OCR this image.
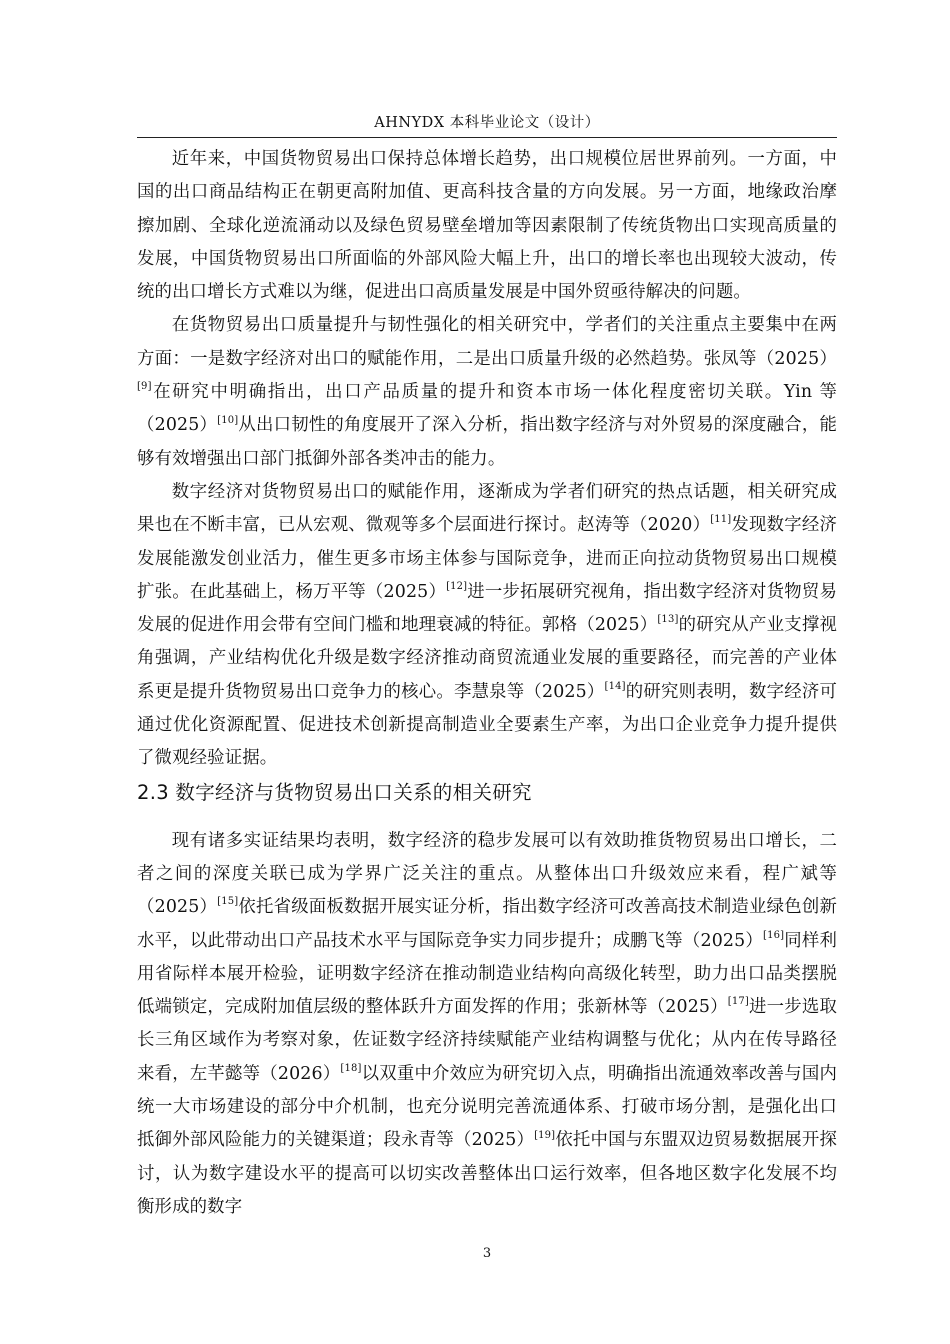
AHNYDX 本科毕业论文（设计）

近年来，中国货物贸易出口保持总体增长趋势，出口规模位居世界前列。一方面，中国的出口商品结构正在朝更高附加值、更高科技含量的方向发展。另一方面，地缘政治摩擦加剧、全球化逆流涌动以及绿色贸易壁垒增加等因素限制了传统货物出口实现高质量的发展，中国货物贸易出口所面临的外部风险大幅上升，出口的增长率也出现较大波动，传统的出口增长方式难以为继，促进出口高质量发展是中国外贸亟待解决的问题。

在货物贸易出口质量提升与韧性强化的相关研究中，学者们的关注重点主要集中在两方面：一是数字经济对出口的赋能作用，二是出口质量升级的必然趋势。张凤等（2025）[9]在研究中明确指出，出口产品质量的提升和资本市场一体化程度密切关联。Yin 等（2025）[10]从出口韧性的角度展开了深入分析，指出数字经济与对外贸易的深度融合，能够有效增强出口部门抵御外部各类冲击的能力。

数字经济对货物贸易出口的赋能作用，逐渐成为学者们研究的热点话题，相关研究成果也在不断丰富，已从宏观、微观等多个层面进行探讨。赵涛等（2020）[11]发现数字经济发展能激发创业活力，催生更多市场主体参与国际竞争，进而正向拉动货物贸易出口规模扩张。在此基础上，杨万平等（2025）[12]进一步拓展研究视角，指出数字经济对货物贸易发展的促进作用会带有空间门槛和地理衰减的特征。郭格（2025）[13]的研究从产业支撑视角强调，产业结构优化升级是数字经济推动商贸流通业发展的重要路径，而完善的产业体系更是提升货物贸易出口竞争力的核心。李慧泉等（2025）[14]的研究则表明，数字经济可通过优化资源配置、促进技术创新提高制造业全要素生产率，为出口企业竞争力提升提供了微观经验证据。

2.3 数字经济与货物贸易出口关系的相关研究

现有诸多实证结果均表明，数字经济的稳步发展可以有效助推货物贸易出口增长，二者之间的深度关联已成为学界广泛关注的重点。从整体出口升级效应来看，程广斌等（2025）[15]依托省级面板数据开展实证分析，指出数字经济可改善高技术制造业绿色创新水平，以此带动出口产品技术水平与国际竞争实力同步提升；成鹏飞等（2025）[16]同样利用省际样本展开检验，证明数字经济在推动制造业结构向高级化转型，助力出口品类摆脱低端锁定，完成附加值层级的整体跃升方面发挥的作用；张新林等（2025）[17]进一步选取长三角区域作为考察对象，佐证数字经济持续赋能产业结构调整与优化；从内在传导路径来看，左芊懿等（2026）[18]以双重中介效应为研究切入点，明确指出流通效率改善与国内统一大市场建设的部分中介机制，也充分说明完善流通体系、打破市场分割，是强化出口抵御外部风险能力的关键渠道；段永青等（2025）[19]依托中国与东盟双边贸易数据展开探讨，认为数字建设水平的提高可以切实改善整体出口运行效率，但各地区数字化发展不均衡形成的数字

3
